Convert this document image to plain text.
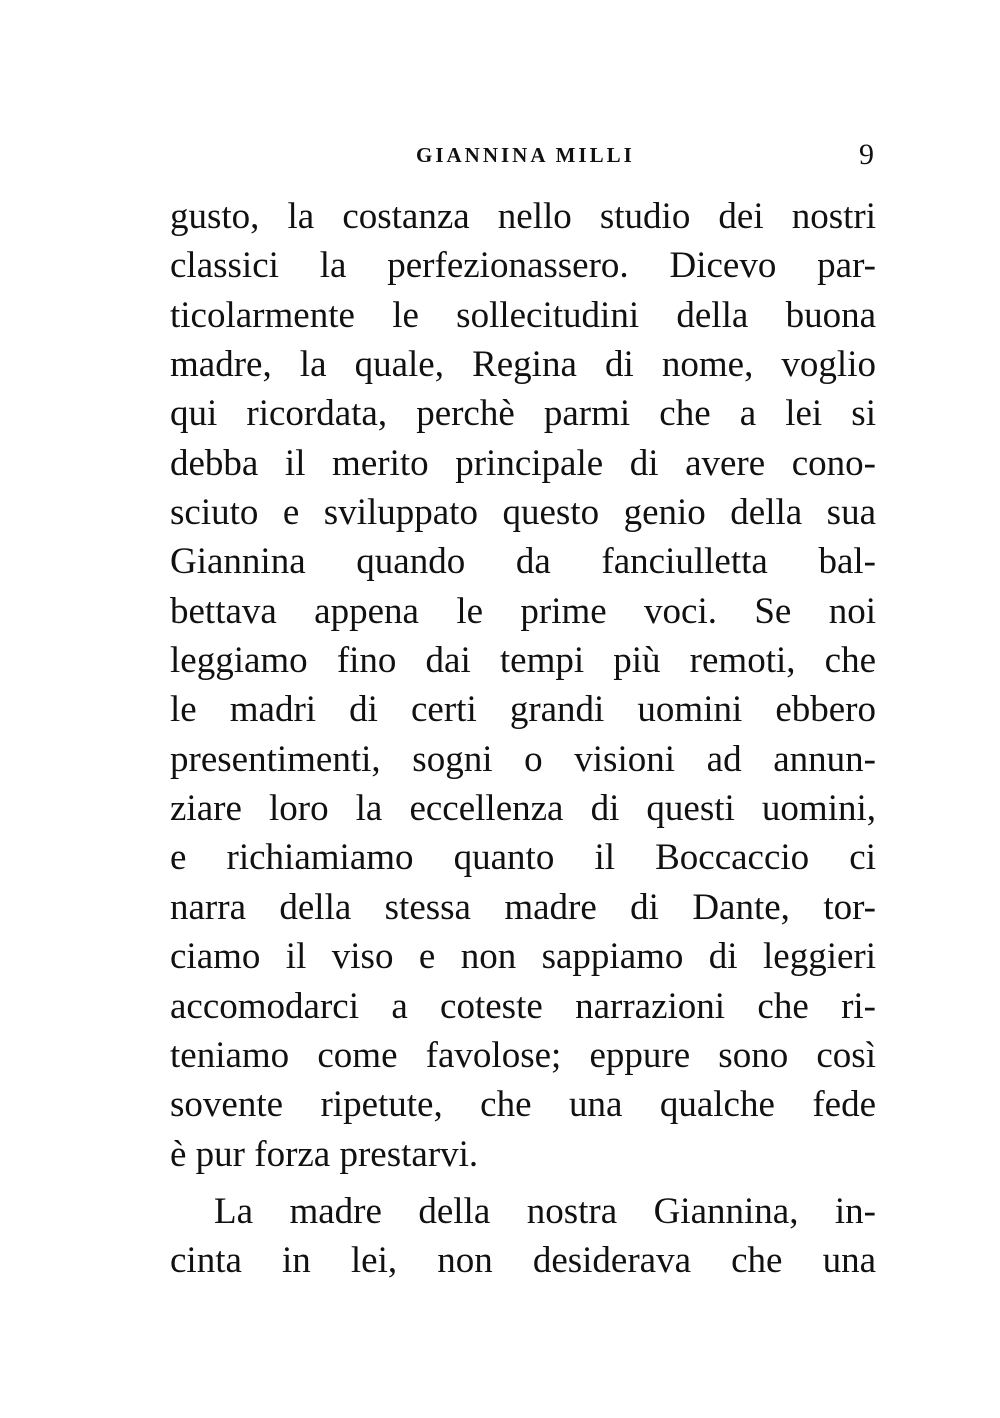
GIANNINA MILLI	9
gusto, la costanza nello studio dei nostri
classici la perfezionassero. Dicevo par-
ticolarmente le sollecitudini della buona
madre, la quale, Regina di nome, voglio
qui ricordata, perchè parmi che a lei si
debba il merito principale di avere cono-
sciuto e sviluppato questo genio della sua
Giannina quando da fanciulletta bal-
bettava appena le prime voci. Se noi
leggiamo fino dai tempi più remoti, che
le madri di certi grandi uomini ebbero
presentimenti, sogni o visioni ad annun-
ziare loro la eccellenza di questi uomini,
e richiamiamo quanto il Boccaccio ci
narra della stessa madre di Dante, tor-
ciamo il viso e non sappiamo di leggieri
accomodarci a coteste narrazioni che ri-
teniamo come favolose; eppure sono così
sovente ripetute, che una qualche fede
è pur forza prestarvi.
La madre della nostra Giannina, in-
cinta in lei, non desiderava che una
